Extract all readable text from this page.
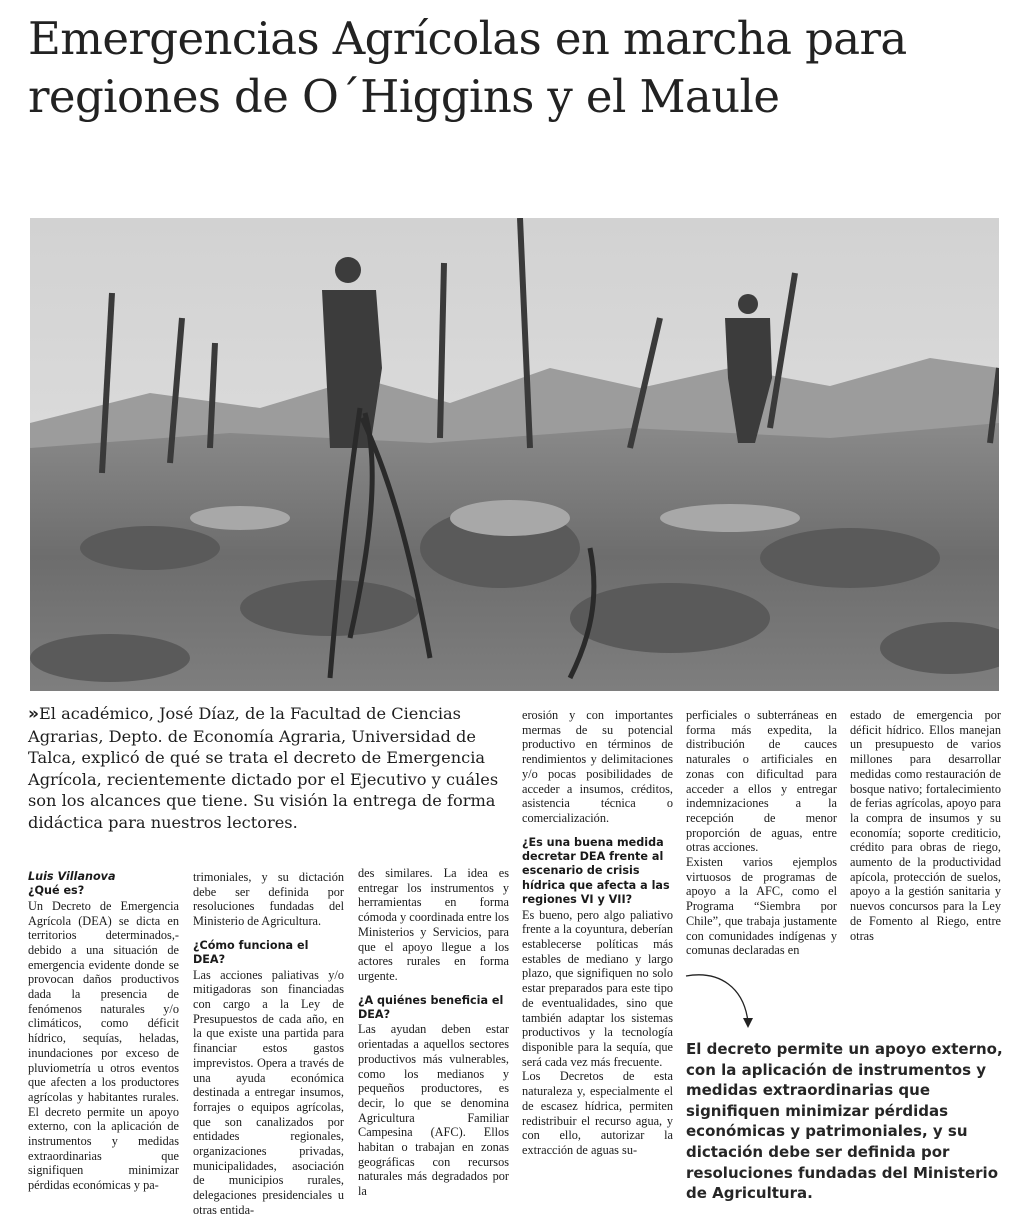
Emergencias Agrícolas en marcha para
regiones de O´Higgins y el Maule
»El académico, José Díaz, de la Facultad de Ciencias Agrarias, Depto. de Economía Agraria, Universidad de Talca, explicó de qué se trata el decreto de Emergencia Agrícola, recientemente dictado por el Ejecutivo y cuáles son los alcances que tiene. Su visión la entrega de forma didáctica para nuestros lectores.

Luis Villanova

¿Qué es?

Un Decreto de Emergencia Agrícola (DEA) se dicta en territorios determinados,- debido a una situación de emergencia evidente donde se provocan daños productivos dada la presencia de fenómenos naturales y/o climáticos, como déficit hídrico, sequías, heladas, inundaciones por exceso de pluviometría u otros eventos que afecten a los productores agrícolas y habitantes rurales. El decreto permite un apoyo externo, con la aplicación de instrumentos y medidas extraordinarias que signifiquen minimizar pérdidas económicas y pa-

trimoniales, y su dictación debe ser definida por resoluciones fundadas del Ministerio de Agricultura.

¿Cómo funciona el DEA?

Las acciones paliativas y/o mitigadoras son financiadas con cargo a la Ley de Presupuestos de cada año, en la que existe una partida para financiar estos gastos imprevistos. Opera a través de una ayuda económica destinada a entregar insumos, forrajes o equipos agrícolas, que son canalizados por entidades regionales, organizaciones privadas, municipalidades, asociación de municipios rurales, delegaciones presidenciales u otras entida-

des similares. La idea es entregar los instrumentos y herramientas en forma cómoda y coordinada entre los Ministerios y Servicios, para que el apoyo llegue a los actores rurales en forma urgente.

¿A quiénes beneficia el DEA?

Las ayudan deben estar orientadas a aquellos sectores productivos más vulnerables, como los medianos y pequeños productores, es decir, lo que se denomina Agricultura Familiar Campesina (AFC). Ellos habitan o trabajan en zonas geográficas con recursos naturales más degradados por la

erosión y con importantes mermas de su potencial productivo en términos de rendimientos y delimitaciones y/o pocas posibilidades de acceder a insumos, créditos, asistencia técnica o comercialización.

¿Es una buena medida decretar DEA frente al escenario de crisis hídrica que afecta a las regiones VI y VII?

Es bueno, pero algo paliativo frente a la coyuntura, deberían establecerse políticas más estables de mediano y largo plazo, que signifiquen no solo estar preparados para este tipo de eventualidades, sino que también adaptar los sistemas productivos y la tecnología disponible para la sequía, que será cada vez más frecuente.

Los Decretos de esta naturaleza y, especialmente el de escasez hídrica, permiten redistribuir el recurso agua, y con ello, autorizar la extracción de aguas su-

perficiales o subterráneas en forma más expedita, la distribución de cauces naturales o artificiales en zonas con dificultad para acceder a ellos y entregar indemnizaciones a la recepción de menor proporción de aguas, entre otras acciones.

Existen varios ejemplos virtuosos de programas de apoyo a la AFC, como el Programa “Siembra por Chile”, que trabaja justamente con comunidades indígenas y comunas declaradas en

estado de emergencia por déficit hídrico. Ellos manejan un presupuesto de varios millones para desarrollar medidas como restauración de bosque nativo; fortalecimiento de ferias agrícolas, apoyo para la compra de insumos y su economía; soporte crediticio, crédito para obras de riego, aumento de la productividad apícola, protección de suelos, apoyo a la gestión sanitaria y nuevos concursos para la Ley de Fomento al Riego, entre otras

El decreto permite un apoyo externo, con la aplicación de instrumentos y medidas extraordinarias que signifiquen minimizar pérdidas económicas y patrimoniales, y su dictación debe ser definida por resoluciones fundadas del Ministerio de Agricultura.
